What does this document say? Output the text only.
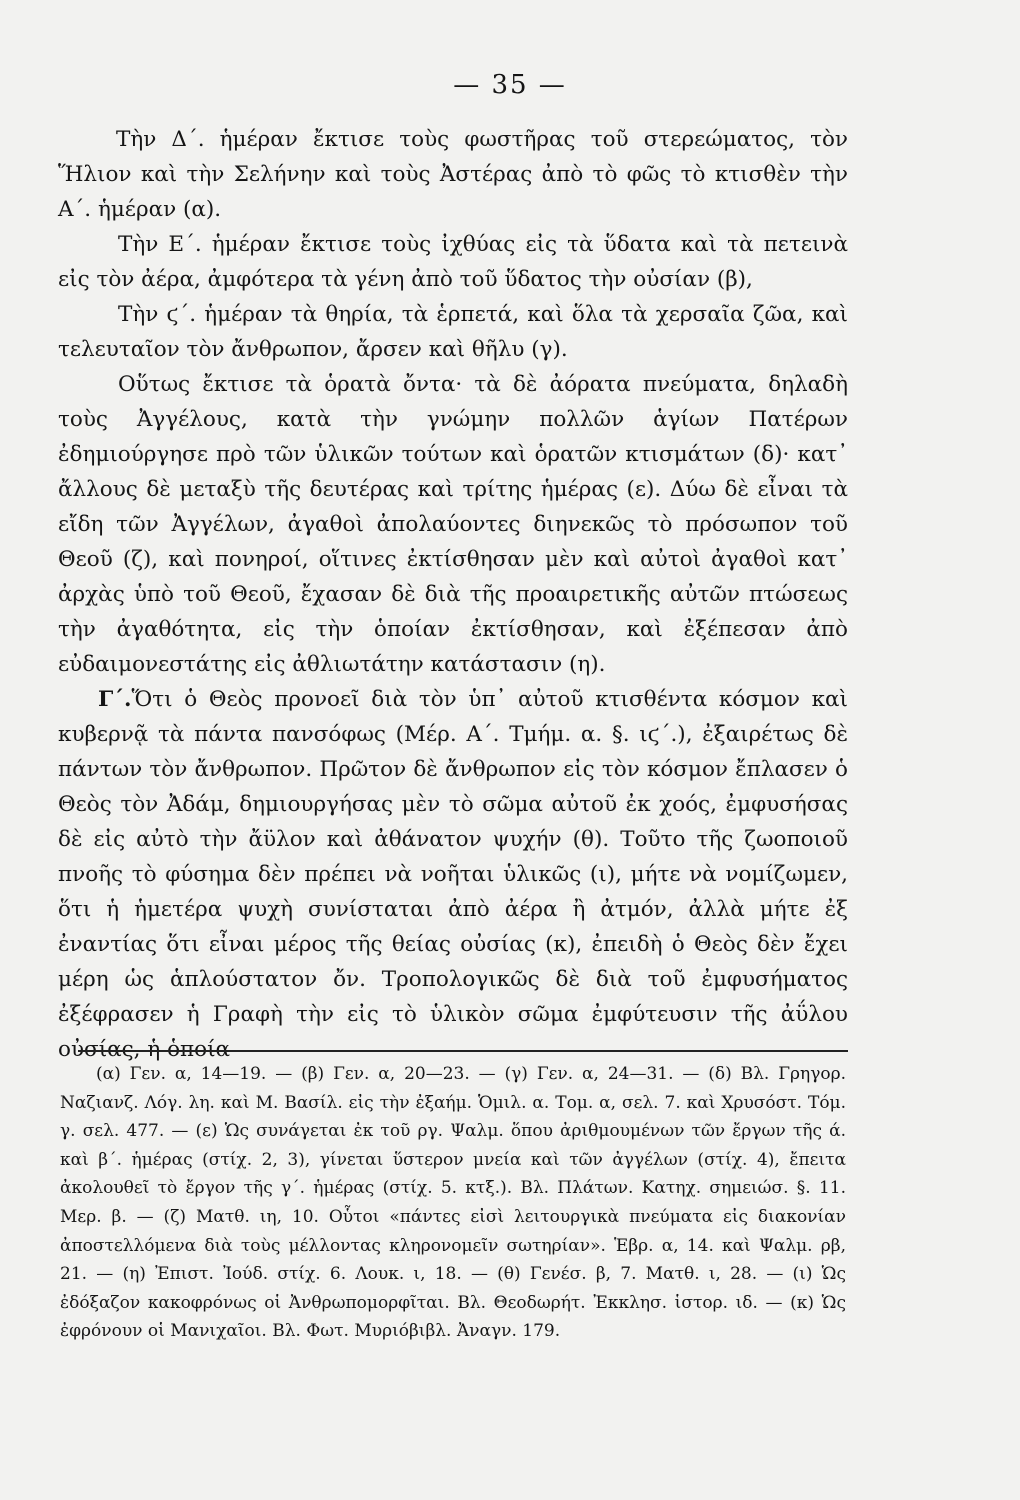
— 35 —

Τὴν Δ΄. ἡμέραν ἔκτισε τοὺς φωστῆρας τοῦ στερεώματος, τὸν Ἥλιον καὶ τὴν Σελήνην καὶ τοὺς Ἀστέρας ἀπὸ τὸ φῶς τὸ κτισθὲν τὴν Α΄. ἡμέραν (α).

Τὴν Ε΄. ἡμέραν ἔκτισε τοὺς ἰχθύας εἰς τὰ ὕδατα καὶ τὰ πετεινὰ εἰς τὸν ἀέρα, ἀμφότερα τὰ γένη ἀπὸ τοῦ ὕδατος τὴν οὐσίαν (β),

Τὴν ϛ΄. ἡμέραν τὰ θηρία, τὰ ἑρπετά, καὶ ὅλα τὰ χερσαῖα ζῶα, καὶ τελευταῖον τὸν ἄνθρωπον, ἄρσεν καὶ θῆλυ (γ).

Οὕτως ἔκτισε τὰ ὁρατὰ ὄντα· τὰ δὲ ἀόρατα πνεύματα, δηλαδὴ τοὺς Ἀγγέλους, κατὰ τὴν γνώμην πολλῶν ἁγίων Πατέρων ἐδημιούργησε πρὸ τῶν ὑλικῶν τούτων καὶ ὁρατῶν κτισμάτων (δ)· κατ᾽ ἄλλους δὲ μεταξὺ τῆς δευτέρας καὶ τρίτης ἡμέρας (ε). Δύω δὲ εἶναι τὰ εἴδη τῶν Ἀγγέλων, ἀγαθοὶ ἀπολαύοντες διηνεκῶς τὸ πρόσωπον τοῦ Θεοῦ (ζ), καὶ πονηροί, οἵτινες ἐκτίσθησαν μὲν καὶ αὐτοὶ ἀγαθοὶ κατ᾽ ἀρχὰς ὑπὸ τοῦ Θεοῦ, ἔχασαν δὲ διὰ τῆς προαιρετικῆς αὐτῶν πτώσεως τὴν ἀγαθότητα, εἰς τὴν ὁποίαν ἐκτίσθησαν, καὶ ἐξέπεσαν ἀπὸ εὐδαιμονεστάτης εἰς ἀθλιωτάτην κατάστασιν (η).

Γ΄.Ὅτι ὁ Θεὸς προνοεῖ διὰ τὸν ὑπ᾽ αὐτοῦ κτισθέντα κόσμον καὶ κυβερνᾷ τὰ πάντα πανσόφως (Μέρ. Α΄. Τμήμ. α. §. ιϛ΄.), ἐξαιρέτως δὲ πάντων τὸν ἄνθρωπον. Πρῶτον δὲ ἄνθρωπον εἰς τὸν κόσμον ἔπλασεν ὁ Θεὸς τὸν Ἀδάμ, δημιουργήσας μὲν τὸ σῶμα αὐτοῦ ἐκ χοός, ἐμφυσήσας δὲ εἰς αὐτὸ τὴν ἄϋλον καὶ ἀθάνατον ψυχήν (θ). Τοῦτο τῆς ζωοποιοῦ πνοῆς τὸ φύσημα δὲν πρέπει νὰ νοῆται ὑλικῶς (ι), μήτε νὰ νομίζωμεν, ὅτι ἡ ἡμετέρα ψυχὴ συνίσταται ἀπὸ ἀέρα ἢ ἀτμόν, ἀλλὰ μήτε ἐξ ἐναντίας ὅτι εἶναι μέρος τῆς θείας οὐσίας (κ), ἐπειδὴ ὁ Θεὸς δὲν ἔχει μέρη ὡς ἁπλούστατον ὄν. Τροπολογικῶς δὲ διὰ τοῦ ἐμφυσήματος ἐξέφρασεν ἡ Γραφὴ τὴν εἰς τὸ ὑλικὸν σῶμα ἐμφύτευσιν τῆς ἀΰλου οὐσίας, ἡ ὁποία

(α) Γεν. α, 14—19. — (β) Γεν. α, 20—23. — (γ) Γεν. α, 24—31. — (δ) Βλ. Γρηγορ. Ναζιανζ. Λόγ. λη. καὶ Μ. Βασίλ. εἰς τὴν ἐξαήμ. Ὁμιλ. α. Τομ. α, σελ. 7. καὶ Χρυσόστ. Τόμ. γ. σελ. 477. — (ε) Ὡς συνάγεται ἐκ τοῦ ργ. Ψαλμ. ὅπου ἀριθμουμένων τῶν ἔργων τῆς ά. καὶ β΄. ἡμέρας (στίχ. 2, 3), γίνεται ὕστερον μνεία καὶ τῶν ἀγγέλων (στίχ. 4), ἔπειτα ἀκολουθεῖ τὸ ἔργον τῆς γ΄. ἡμέρας (στίχ. 5. κτξ.). Βλ. Πλάτων. Κατηχ. σημειώσ. §. 11. Μερ. β. — (ζ) Ματθ. ιη, 10. Οὗτοι «πάντες εἰσὶ λειτουργικὰ πνεύματα εἰς διακονίαν ἀποστελλόμενα διὰ τοὺς μέλλοντας κληρονομεῖν σωτηρίαν». Ἑβρ. α, 14. καὶ Ψαλμ. ρβ, 21. — (η) Ἐπιστ. Ἰούδ. στίχ. 6. Λουκ. ι, 18. — (θ) Γενέσ. β, 7. Ματθ. ι, 28. — (ι) Ὡς ἐδόξαζον κακοφρόνως οἱ Ἀνθρωπομορφῖται. Βλ. Θεοδωρήτ. Ἐκκλησ. ἱστορ. ιδ. — (κ) Ὡς ἐφρόνουν οἱ Μανιχαῖοι. Βλ. Φωτ. Μυριόβιβλ. Ἀναγν. 179.
